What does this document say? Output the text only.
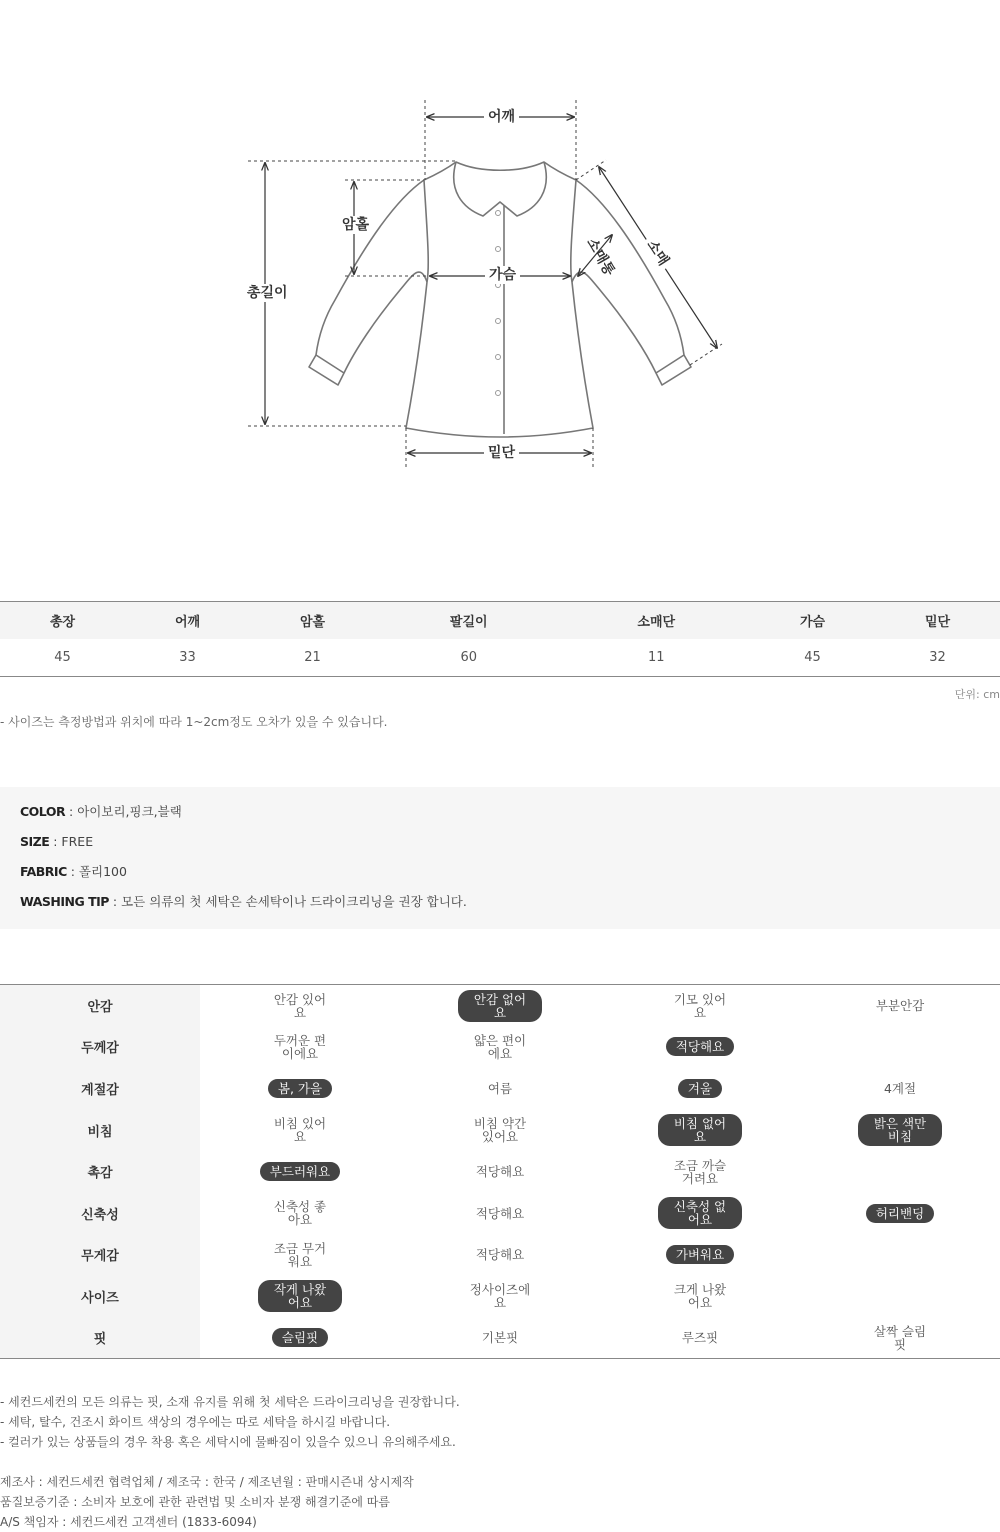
어깨
암홀
총길이
가슴
밑단
소매
소매통
총장	어깨	암홀	팔길이	소매단	가슴	밑단
45	33	21	60	11	45	32
단위: cm
- 사이즈는 측정방법과 위치에 따라 1~2cm정도 오차가 있을 수 있습니다.
COLOR : 아이보리,핑크,블랙
SIZE : FREE
FABRIC : 폴리100
WASHING TIP : 모든 의류의 첫 세탁은 손세탁이나 드라이크리닝을 권장 합니다.
안감	안감 있어요	안감 없어요	기모 있어요	부분안감
두께감	두꺼운 편이에요	얇은 편이에요	적당해요	
계절감	봄, 가을	여름	겨울	4계절
비침	비침 있어요	비침 약간 있어요	비침 없어요	밝은 색만 비침
촉감	부드러워요	적당해요	조금 까슬거려요	
신축성	신축성 좋아요	적당해요	신축성 없어요	허리밴딩
무게감	조금 무거워요	적당해요	가벼워요	
사이즈	작게 나왔어요	정사이즈에요	크게 나왔어요	
핏	슬림핏	기본핏	루즈핏	살짝 슬림핏
- 세컨드세컨의 모든 의류는 핏, 소재 유지를 위해 첫 세탁은 드라이크리닝을 권장합니다.
- 세탁, 탈수, 건조시 화이트 색상의 경우에는 따로 세탁을 하시길 바랍니다.
- 컬러가 있는 상품들의 경우 착용 혹은 세탁시에 물빠짐이 있을수 있으니 유의해주세요.
제조사 : 세컨드세컨 협력업체 / 제조국 : 한국 / 제조년월 : 판매시즌내 상시제작
품질보증기준 : 소비자 보호에 관한 관련법 및 소비자 분쟁 해결기준에 따름
A/S 책임자 : 세컨드세컨 고객센터 (1833-6094)
